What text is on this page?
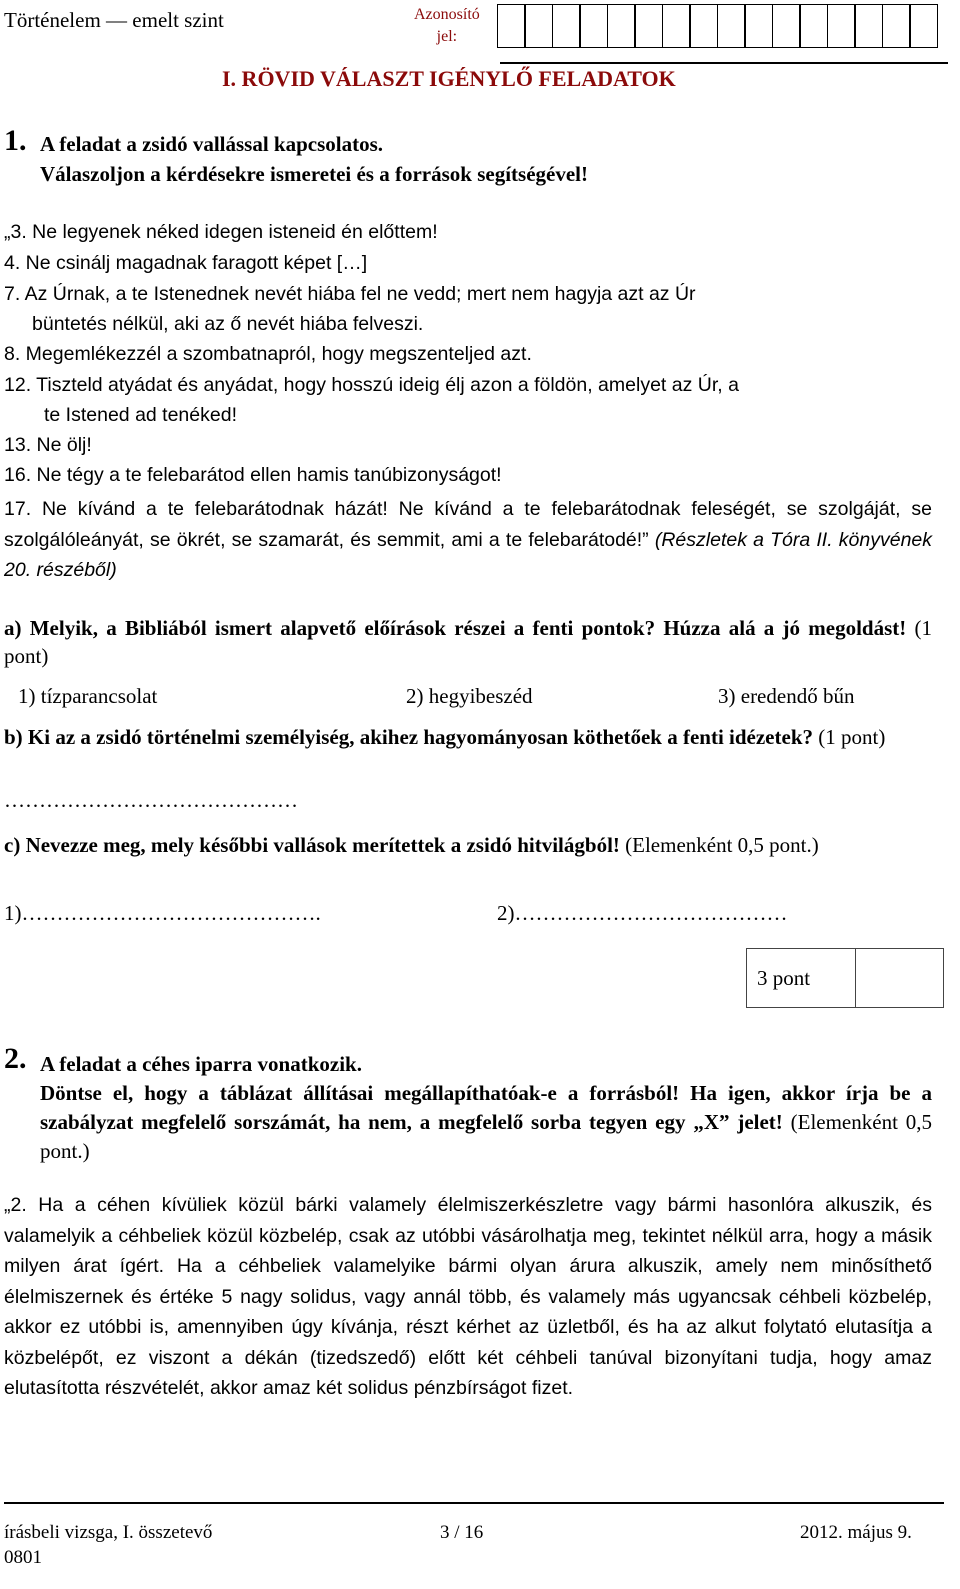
Történelem — emelt szint	Azonosító
jel:
I. RÖVID VÁLASZT IGÉNYLŐ FELADATOK
1. A feladat a zsidó vallással kapcsolatos.
Válaszoljon a kérdésekre ismeretei és a források segítségével!
„3. Ne legyenek néked idegen isteneid én előttem!
4. Ne csinálj magadnak faragott képet […]
7. Az Úrnak, a te Istenednek nevét hiába fel ne vedd; mert nem hagyja azt az Úr
büntetés nélkül, aki az ő nevét hiába felveszi.
8. Megemlékezzél a szombatnapról, hogy megszenteljed azt.
12. Tiszteld atyádat és anyádat, hogy hosszú ideig élj azon a földön, amelyet az Úr, a
te Istened ad tenéked!
13. Ne ölj!
16. Ne tégy a te felebarátod ellen hamis tanúbizonyságot!
17. Ne kívánd a te felebarátodnak házát! Ne kívánd a te felebarátodnak feleségét, se szolgáját, se szolgálóleányát, se ökrét, se szamarát, és semmit, ami a te felebarátodé!” (Részletek a Tóra II. könyvének 20. részéből)
a) Melyik, a Bibliából ismert alapvető előírások részei a fenti pontok? Húzza alá a jó megoldást! (1 pont)
1) tízparancsolat	2) hegyibeszéd	3) eredendő bűn
b) Ki az a zsidó történelmi személyiség, akihez hagyományosan köthetőek a fenti idézetek? (1 pont)
……………………………………
c) Nevezze meg, mely későbbi vallások merítettek a zsidó hitvilágból! (Elemenként 0,5 pont.)
1)…………………………………….	2)…………………………………
3 pont
2. A feladat a céhes iparra vonatkozik.
Döntse el, hogy a táblázat állításai megállapíthatóak-e a forrásból! Ha igen, akkor írja be a szabályzat megfelelő sorszámát, ha nem, a megfelelő sorba tegyen egy „X” jelet! (Elemenként 0,5 pont.)
„2. Ha a céhen kívüliek közül bárki valamely élelmiszerkészletre vagy bármi hasonlóra alkuszik, és valamelyik a céhbeliek közül közbelép, csak az utóbbi vásárolhatja meg, tekintet nélkül arra, hogy a másik milyen árat ígért. Ha a céhbeliek valamelyike bármi olyan árura alkuszik, amely nem minősíthető élelmiszernek és értéke 5 nagy solidus, vagy annál több, és valamely más ugyancsak céhbeli közbelép, akkor ez utóbbi is, amennyiben úgy kívánja, részt kérhet az üzletből, és ha az alkut folytató elutasítja a közbelépőt, ez viszont a dékán (tizedszedő) előtt két céhbeli tanúval bizonyítani tudja, hogy amaz elutasította részvételét, akkor amaz két solidus pénzbírságot fizet.
írásbeli vizsga, I. összetevő
0801
3 / 16	2012. május 9.
